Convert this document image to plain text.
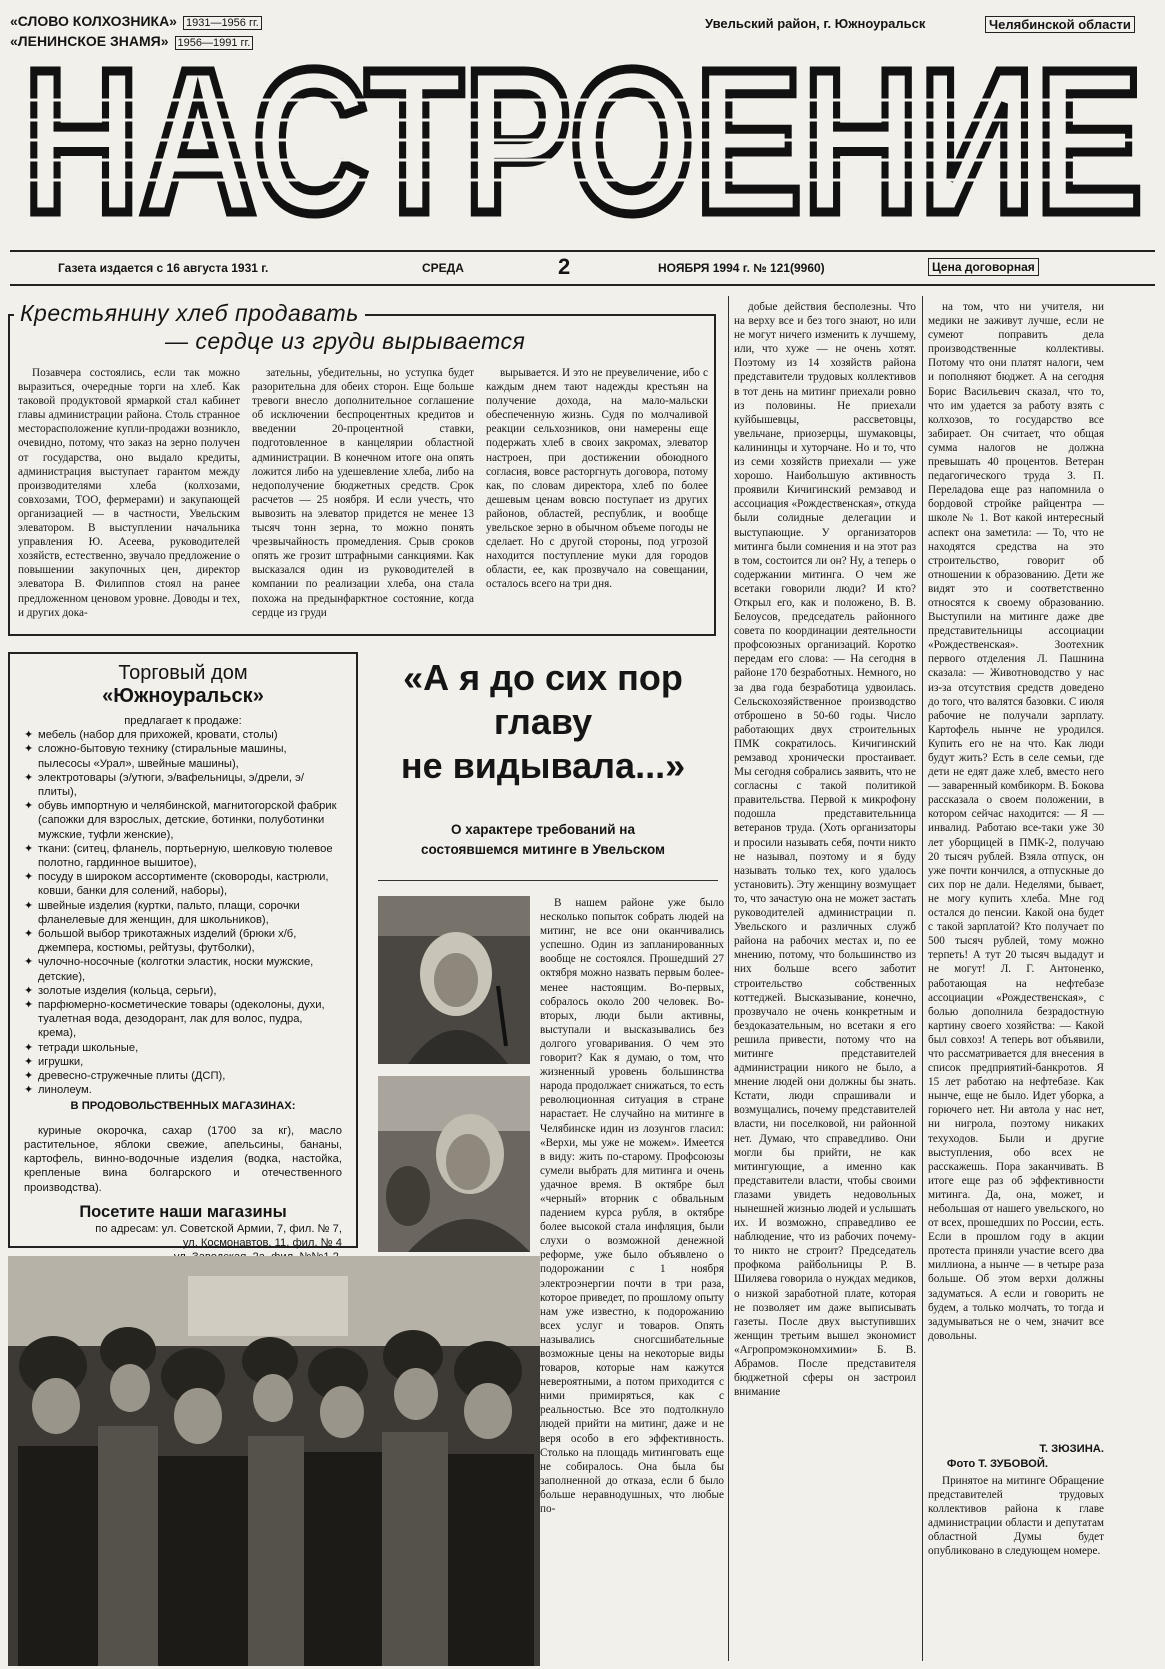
«СЛОВО КОЛХОЗНИКА» 1931—1956 гг.
«ЛЕНИНСКОЕ ЗНАМЯ» 1956—1991 гг.
Увельский район, г. Южноуральск	Челябинской области
НАСТРОЕНИЕ
Газета издается с 16 августа 1931 г.	СРЕДА	2	НОЯБРЯ 1994 г. № 121(9960)	Цена договорная
Крестьянину хлеб продавать
— сердце из груди вырывается

Позавчера состоялись, если так можно выразиться, очередные торги на хлеб. Как таковой продуктовой ярмаркой стал кабинет главы администрации района. Столь странное месторасположение купли-продажи возникло, очевидно, потому, что заказ на зерно получен от государства, оно выдало кредиты, администрация выступает гарантом между производителями хлеба (колхозами, совхозами, ТОО, фермерами) и закупающей организацией — в частности, Увельским элеватором. В выступлении начальника управления Ю. Асеева, руководителей хозяйств, естественно, звучало предложение о повышении закупочных цен, директор элеватора В. Филиппов стоял на ранее предложенном ценовом уровне. Доводы и тех, и других дока-

зательны, убедительны, но уступка будет разорительна для обеих сторон. Еще больше тревоги внесло дополнительное соглашение об исключении беспроцентных кредитов и введении 20-процентной ставки, подготовленное в канцелярии областной администрации. В конечном итоге она опять ложится либо на удешевление хлеба, либо на недополучение бюджетных средств. Срок расчетов — 25 ноября. И если учесть, что вывозить на элеватор придется не менее 13 тысяч тонн зерна, то можно понять чрезвычайность промедления. Срыв сроков опять же грозит штрафными санкциями. Как высказался один из руководителей в компании по реализации хлеба, она стала похожа на предынфарктное состояние, когда сердце из груди

вырывается. И это не преувеличение, ибо с каждым днем тают надежды крестьян на получение дохода, на мало-мальски обеспеченную жизнь. Судя по молчаливой реакции сельхозников, они намерены еще подержать хлеб в своих закромах, элеватор настроен, при достижении обоюдного согласия, вовсе расторгнуть договора, потому как, по словам директора, хлеб по более дешевым ценам вовсю поступает из других районов, областей, республик, и вообще увельское зерно в обычном объеме погоды не сделает. Но с другой стороны, под угрозой находится поступление муки для городов области, ее, как прозвучало на совещании, осталось всего на три дня.

добые действия бесполезны. Что на верху все и без того знают, но или не могут ничего изменить к лучшему, или, что хуже — не очень хотят. Поэтому из 14 хозяйств района представители трудовых коллективов в тот день на митинг приехали ровно из половины. Не приехали куйбышевцы, рассветовцы, увельчане, приозерцы, шумаковцы, калининцы и хуторчане. Но и то, что из семи хозяйств приехали — уже хорошо. Наибольшую активность проявили Кичигинский ремзавод и ассоциация «Рождественская», откуда были солидные делегации и выступающие. У организаторов митинга были сомнения и на этот раз в том, состоится ли он? Ну, а теперь о содержании митинга. О чем же всетаки говорили люди? И кто? Открыл его, как и положено, В. В. Белоусов, председатель районного совета по координации деятельности профсоюзных организаций. Коротко передам его слова: — На сегодня в районе 170 безработных. Немного, но за два года безработица удвоилась. Сельскохозяйственное производство отброшено в 50-60 годы. Число работающих двух строительных ПМК сократилось. Кичигинский ремзавод хронически простаивает. Мы сегодня собрались заявить, что не согласны с такой политикой правительства. Первой к микрофону подошла представительница ветеранов труда. (Хоть организаторы и просили называть себя, почти никто не называл, поэтому и я буду называть только тех, кого удалось установить). Эту женщину возмущает то, что зачастую она не может застать руководителей администрации п. Увельского и различных служб района на рабочих местах и, по ее мнению, потому, что большинство из них больше всего заботит строительство собственных коттеджей. Высказывание, конечно, прозвучало не очень конкретным и бездоказательным, но всетаки я его решила привести, потому что на митинге представителей администрации никого не было, а мнение людей они должны бы знать. Кстати, люди спрашивали и возмущались, почему представителей власти, ни поселковой, ни районной нет. Думаю, что справедливо. Они могли бы прийти, не как митингующие, а именно как представители власти, чтобы своими глазами увидеть недовольных нынешней жизнью людей и услышать их. И возможно, справедливо ее наблюдение, что из рабочих почему-то никто не строит? Председатель профкома райбольницы Р. В. Шиляева говорила о нуждах медиков, о низкой заработной плате, которая не позволяет им даже выписывать газеты. После двух выступивших женщин третьим вышел экономист «Агропромэкономхимии» Б. В. Абрамов. После представителя бюджетной сферы он застроил внимание

на том, что ни учителя, ни медики не заживут лучше, если не сумеют поправить дела производственные коллективы. Потому что они платят налоги, чем и пополняют бюджет. А на сегодня Борис Васильевич сказал, что то, что им удается за работу взять с колхозов, то государство все забирает. Он считает, что общая сумма налогов не должна превышать 40 процентов. Ветеран педагогического труда З. П. Переладова еще раз напомнила о бордовой стройке райцентра — школе № 1. Вот какой интересный аспект она заметила: — То, что не находятся средства на это строительство, говорит об отношении к образованию. Дети же видят это и соответственно относятся к своему образованию. Выступили на митинге даже две представительницы ассоциации «Рождественская». Зоотехник первого отделения Л. Пашнина сказала: — Животноводство у нас из-за отсутствия средств доведено до того, что валятся базовки. С июля рабочие не получали зарплату. Картофель нынче не уродился. Купить его не на что. Как люди будут жить? Есть в селе семьи, где дети не едят даже хлеб, вместо него — заваренный комбикорм. В. Бокова рассказала о своем положении, в котором сейчас находится: — Я — инвалид. Работаю все-таки уже 30 лет уборщицей в ПМК-2, получаю 20 тысяч рублей. Взяла отпуск, он уже почти кончился, а отпускные до сих пор не дали. Неделями, бывает, не могу купить хлеба. Мне год остался до пенсии. Какой она будет с такой зарплатой? Кто получает по 500 тысяч рублей, тому можно терпеть! А тут 20 тысяч выдадут и не могут! Л. Г. Антоненко, работающая на нефтебазе ассоциации «Рождественская», с болью дополнила безрадостную картину своего хозяйства: — Какой был совхоз! А теперь вот объявили, что рассматривается для внесения в список предприятий-банкротов. Я 15 лет работаю на нефтебазе. Как нынче, еще не было. Идет уборка, а горючего нет. Ни автола у нас нет, ни нигрола, поэтому никаких техуходов. Были и другие выступления, обо всех не расскажешь. Пора заканчивать. В итоге еще раз об эффективности митинга. Да, она, может, и небольшая от нашего увельского, но от всех, прошедших по России, есть. Если в прошлом году в акции протеста приняли участие всего два миллиона, а нынче — в четыре раза больше. Об этом верхи должны задуматься. А если и говорить не будем, а только молчать, то тогда и задумываться не о чем, значит все довольны.

Т. ЗЮЗИНА.
Фото Т. ЗУБОВОЙ.

Принятое на митинге Обращение представителей трудовых коллективов района к главе администрации области и депутатам областной Думы будет опубликовано в следующем номере.

Торговый дом
«Южноуральск»
предлагает к продаже:
✦ мебель (набор для прихожей, кровати, столы)
✦ сложно-бытовую технику (стиральные машины, пылесосы «Урал», швейные машины),
✦ электротовары (э/утюги, э/вафельницы, э/дрели, э/плиты),
✦ обувь импортную и челябинской, магнитогорской фабрик (сапожки для взрослых, детские, ботинки, полуботинки мужские, туфли женские),
✦ ткани: (ситец, фланель, портьерную, шелковую тюлевое полотно, гардинное вышитое),
✦ посуду в широком ассортименте (сковороды, кастрюли, ковши, банки для солений, наборы),
✦ швейные изделия (куртки, пальто, плащи, сорочки фланелевые для женщин, для школьников),
✦ большой выбор трикотажных изделий (брюки х/б, джемпера, костюмы, рейтузы, футболки),
✦ чулочно-носочные (колготки эластик, носки мужские, детские),
✦ золотые изделия (кольца, серьги),
✦ парфюмерно-косметические товары (одеколоны, духи, туалетная вода, дезодорант, лак для волос, пудра, крема),
✦ тетради школьные,
✦ игрушки,
✦ древесно-стружечные плиты (ДСП),
✦ линолеум.
В ПРОДОВОЛЬСТВЕННЫХ МАГАЗИНАХ:
куриные окорочка, сахар (1700 за кг), масло растительное, яблоки свежие, апельсины, бананы, картофель, винно-водочные изделия (водка, настойка, крепленые вина болгарского и отечественного производства).
Посетите наши магазины
по адресам: ул. Советской Армии, 7, фил. № 7,
ул. Космонавтов, 11, фил. № 4
«А я до сих пор
главу
не видывала...»
О характере требований на
состоявшемся митинге в Увельском

В нашем районе уже было несколько попыток собрать людей на митинг, не все они оканчивались успешно. Один из запланированных вообще не состоялся. Прошедший 27 октября можно назвать первым более-менее настоящим. Во-первых, собралось около 200 человек. Во-вторых, люди были активны, выступали и высказывались без долгого уговаривания. О чем это говорит? Как я думаю, о том, что жизненный уровень большинства народа продолжает снижаться, то есть революционная ситуация в стране нарастает. Не случайно на митинге в Челябинске идин из лозунгов гласил: «Верхи, мы уже не можем». Имеется в виду: жить по-старому. Профсоюзы сумели выбрать для митинга и очень удачное время. В октябре был «черный» вторник с обвальным падением курса рубля, в октябре более высокой стала инфляция, были слухи о возможной денежной реформе, уже было объявлено о подорожании с 1 ноября электроэнергии почти в три раза, которое приведет, по прошлому опыту нам уже известно, к подорожанию всех услуг и товаров. Опять назывались сногсшибательные возможные цены на некоторые виды товаров, которые нам кажутся невероятными, а потом приходится с ними примиряться, как с реальностью. Все это подтолкнуло людей прийти на митинг, даже и не веря особо в его эффективность. Столько на площадь митинговать еще не собиралось. Она была бы заполненной до отказа, если б было больше неравнодушных, что любые по-
